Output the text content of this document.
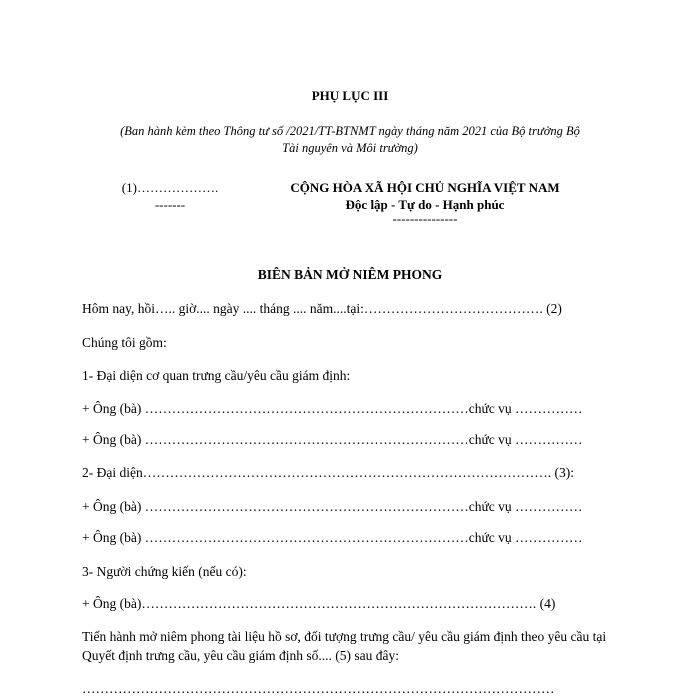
PHỤ LỤC III
(Ban hành kèm theo Thông tư số /2021/TT-BTNMT ngày tháng năm 2021 của Bộ trưởng Bộ
Tài nguyên và Môi trường)
(1)……………….
-------
CỘNG HÒA XÃ HỘI CHỦ NGHĨA VIỆT NAM
Độc lập - Tự do - Hạnh phúc
---------------
BIÊN BẢN MỞ NIÊM PHONG
Hôm nay, hồi….. giờ.... ngày .... tháng .... năm....tại:…………………………………. (2)
Chúng tôi gồm:
1- Đại diện cơ quan trưng cầu/yêu cầu giám định:
+ Ông (bà) ………………………………………………………………chức vụ ……………
+ Ông (bà) ………………………………………………………………chức vụ ……………
2- Đại diện………………………………………………………………………………. (3):
+ Ông (bà) ………………………………………………………………chức vụ ……………
+ Ông (bà) ………………………………………………………………chức vụ ……………
3- Người chứng kiến (nếu có):
+ Ông (bà)……………………………………………………………………………. (4)
Tiến hành mở niêm phong tài liệu hồ sơ, đối tượng trưng cầu/ yêu cầu giám định theo yêu cầu tại
Quyết định trưng cầu, yêu cầu giám định số.... (5) sau đây:
……………………………………………………………………………………………
